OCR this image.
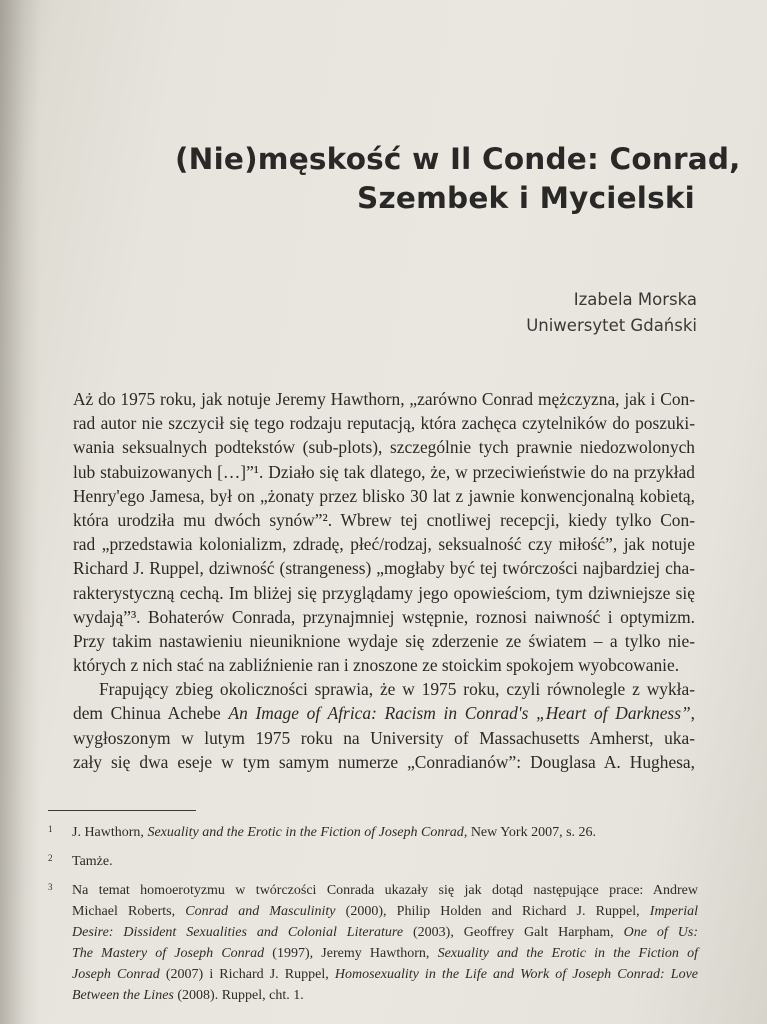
(Nie)męskość w Il Conde: Conrad,
Szembek i Mycielski
Izabela Morska
Uniwersytet Gdański
Aż do 1975 roku, jak notuje Jeremy Hawthorn, „zarówno Conrad mężczyzna, jak i Con-
rad autor nie szczycił się tego rodzaju reputacją, która zachęca czytelników do poszuki-
wania seksualnych podtekstów (sub-plots), szczególnie tych prawnie niedozwolonych
lub stabuizowanych […]”¹. Działo się tak dlatego, że, w przeciwieństwie do na przykład
Henry'ego Jamesa, był on „żonaty przez blisko 30 lat z jawnie konwencjonalną kobietą,
która urodziła mu dwóch synów”². Wbrew tej cnotliwej recepcji, kiedy tylko Con-
rad „przedstawia kolonializm, zdradę, płeć/rodzaj, seksualność czy miłość”, jak notuje
Richard J. Ruppel, dziwność (strangeness) „mogłaby być tej twórczości najbardziej cha-
rakterystyczną cechą. Im bliżej się przyglądamy jego opowieściom, tym dziwniejsze się
wydają”³. Bohaterów Conrada, przynajmniej wstępnie, roznosi naiwność i optymizm.
Przy takim nastawieniu nieuniknione wydaje się zderzenie ze światem – a tylko nie-
których z nich stać na zabliźnienie ran i znoszone ze stoickim spokojem wyobcowanie.
Frapujący zbieg okoliczności sprawia, że w 1975 roku, czyli równolegle z wykła-
dem Chinua Achebe An Image of Africa: Racism in Conrad's „Heart of Darkness”,
wygłoszonym w lutym 1975 roku na University of Massachusetts Amherst, uka-
zały się dwa eseje w tym samym numerze „Conradianów”: Douglasa A. Hughesa,
1 J. Hawthorn, Sexuality and the Erotic in the Fiction of Joseph Conrad, New York 2007, s. 26.
2 Tamże.
3 Na temat homoerotyzmu w twórczości Conrada ukazały się jak dotąd następujące prace: Andrew
Michael Roberts, Conrad and Masculinity (2000), Philip Holden and Richard J. Ruppel, Imperial
Desire: Dissident Sexualities and Colonial Literature (2003), Geoffrey Galt Harpham, One of Us:
The Mastery of Joseph Conrad (1997), Jeremy Hawthorn, Sexuality and the Erotic in the Fiction of
Joseph Conrad (2007) i Richard J. Ruppel, Homosexuality in the Life and Work of Joseph Conrad: Love
Between the Lines (2008). Ruppel, cht. 1.
